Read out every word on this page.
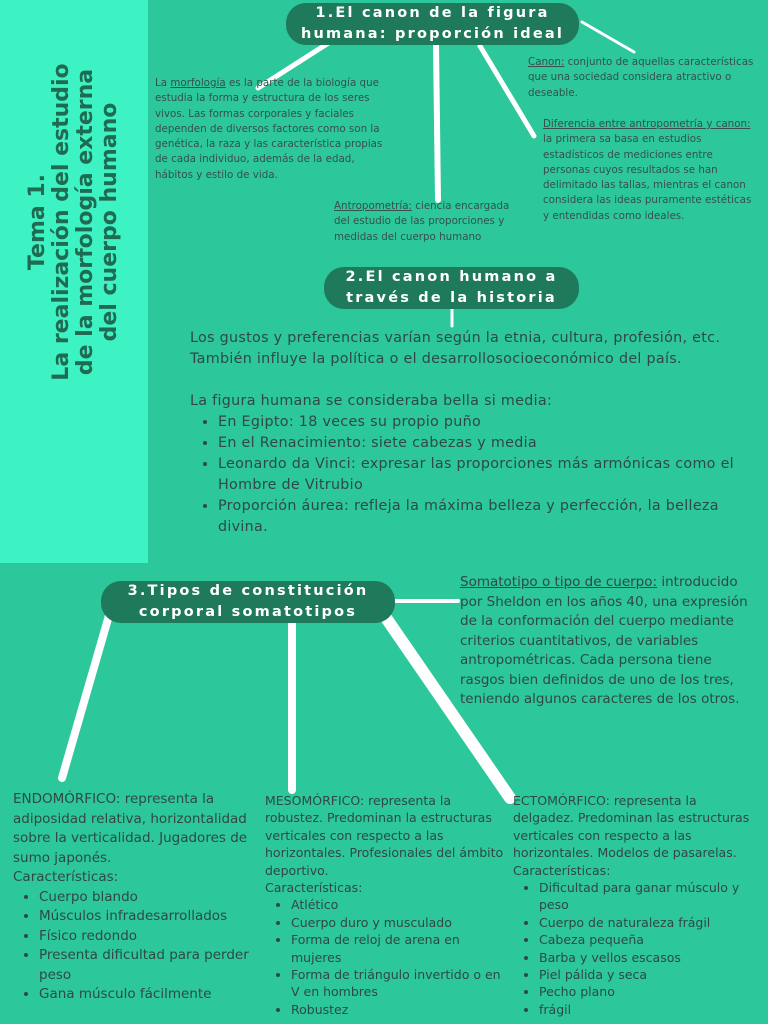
Tema 1. La realización del estudio de la morfología externa del cuerpo humano
1.El canon de la figura
humana: proporción ideal
La morfología es la parte de la biología que estudia la forma y estructura de los seres vivos. Las formas corporales y faciales dependen de diversos factores como son la genética, la raza y las característica propias de cada individuo, además de la edad, hábitos y estilo de vida.
Antropometría: ciencia encargada del estudio de las proporciones y medidas del cuerpo humano
Canon: conjunto de aquellas características que una sociedad considera atractivo o deseable.
Diferencia entre antropometría y canon: la primera sa basa en estudios estadísticos de mediciones entre personas cuyos resultados se han delimitado las tallas, mientras el canon considera las ideas puramente estéticas y entendidas como ideales.
2.El canon humano a
través de la historia

Los gustos y preferencias varían según la etnia, cultura, profesión, etc. También influye la política o el desarrollosocioeconómico del país.

La figura humana se consideraba bella si media:

• En Egipto: 18 veces su propio puño
• En el Renacimiento: siete cabezas y media
• Leonardo da Vinci: expresar las proporciones más armónicas como el Hombre de Vitrubio
• Proporción áurea: refleja la máxima belleza y perfección, la belleza divina.
3.Tipos de constitución
corporal somatotipos
Somatotipo o tipo de cuerpo: introducido por Sheldon en los años 40, una expresión de la conformación del cuerpo mediante criterios cuantitativos, de variables antropométricas. Cada persona tiene rasgos bien definidos de uno de los tres, teniendo algunos caracteres de los otros.

ENDOMÓRFICO: representa la adiposidad relativa, horizontalidad sobre la verticalidad. Jugadores de sumo japonés.

Características:

• Cuerpo blando
• Músculos infradesarrollados
• Físico redondo
• Presenta dificultad para perder peso
• Gana músculo fácilmente

MESOMÓRFICO: representa la robustez. Predominan la estructuras verticales con respecto a las horizontales. Profesionales del ámbito deportivo.

Características:

• Atlético
• Cuerpo duro y musculado
• Forma de reloj de arena en mujeres
• Forma de triángulo invertido o en V en hombres
• Robustez

ECTOMÓRFICO: representa la delgadez. Predominan las estructuras verticales con respecto a las horizontales. Modelos de pasarelas.

Características:

• Dificultad para ganar músculo y peso
• Cuerpo de naturaleza frágil
• Cabeza pequeña
• Barba y vellos escasos
• Piel pálida y seca
• Pecho plano
• frágil
